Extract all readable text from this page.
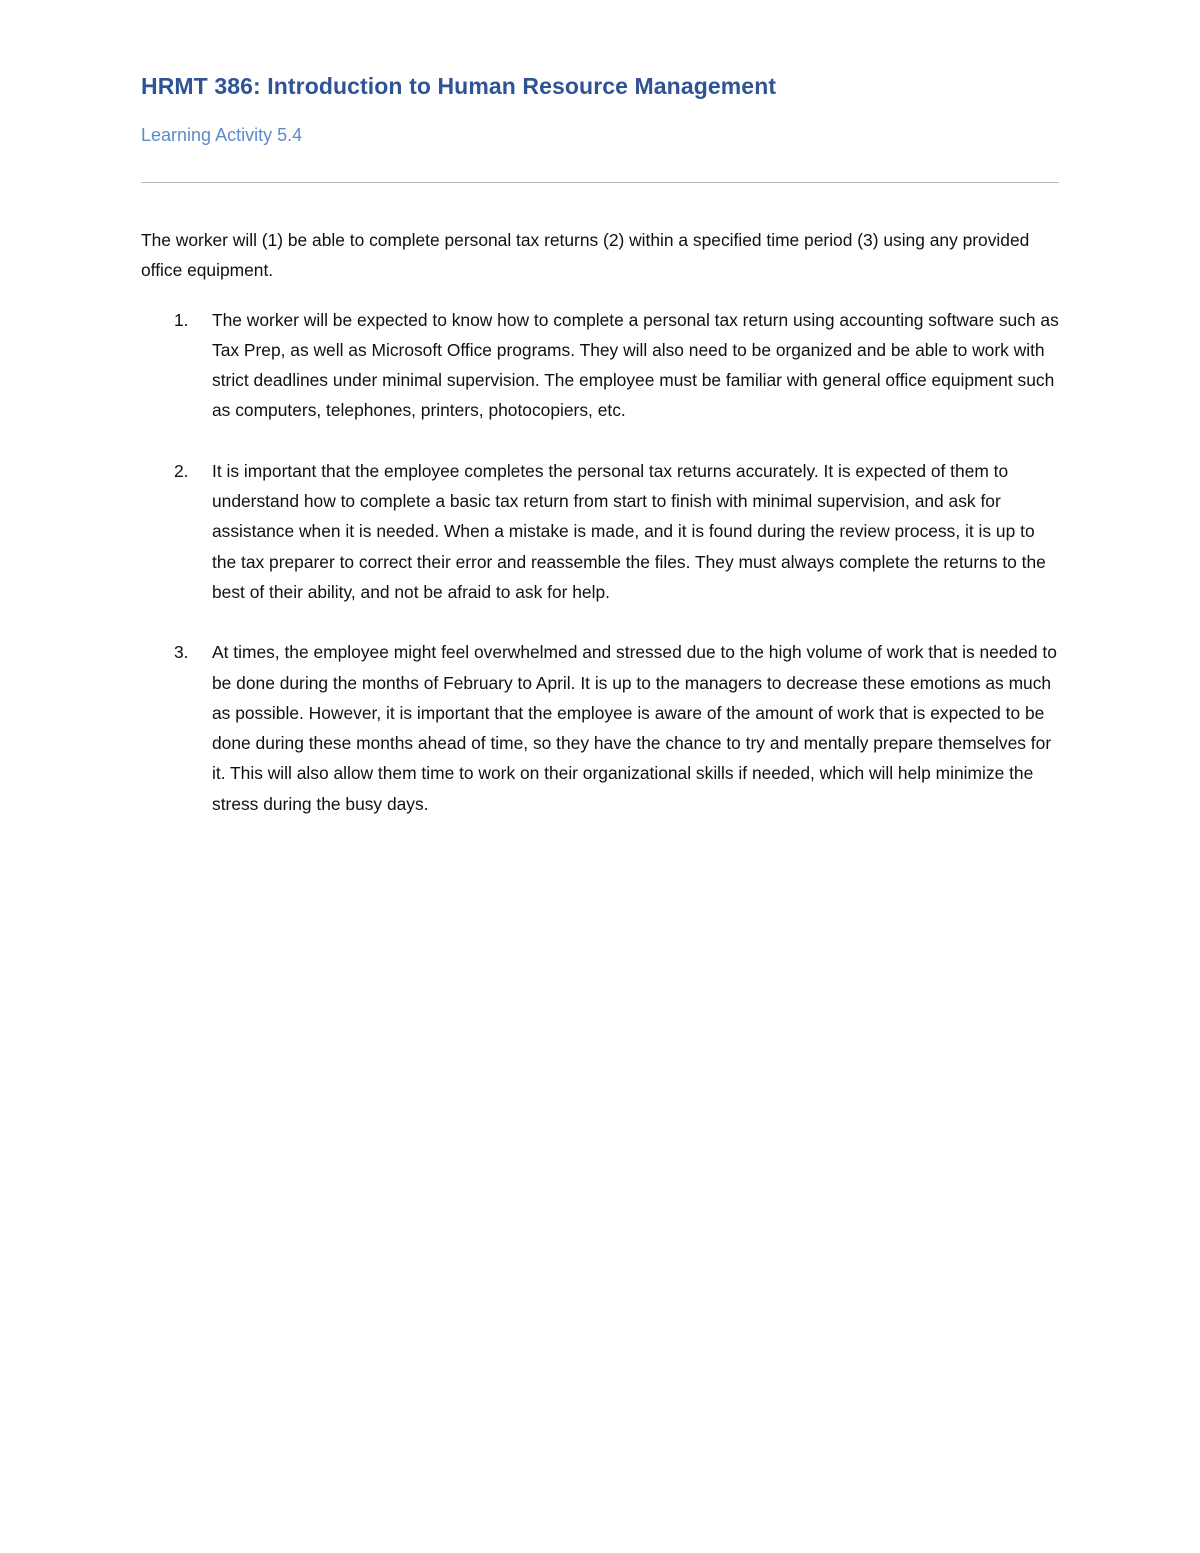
HRMT 386: Introduction to Human Resource Management
Learning Activity 5.4

The worker will (1) be able to complete personal tax returns (2) within a specified time period (3) using any provided office equipment.

1. The worker will be expected to know how to complete a personal tax return using accounting software such as Tax Prep, as well as Microsoft Office programs. They will also need to be organized and be able to work with strict deadlines under minimal supervision. The employee must be familiar with general office equipment such as computers, telephones, printers, photocopiers, etc.
2. It is important that the employee completes the personal tax returns accurately. It is expected of them to understand how to complete a basic tax return from start to finish with minimal supervision, and ask for assistance when it is needed. When a mistake is made, and it is found during the review process, it is up to the tax preparer to correct their error and reassemble the files. They must always complete the returns to the best of their ability, and not be afraid to ask for help.
3. At times, the employee might feel overwhelmed and stressed due to the high volume of work that is needed to be done during the months of February to April. It is up to the managers to decrease these emotions as much as possible. However, it is important that the employee is aware of the amount of work that is expected to be done during these months ahead of time, so they have the chance to try and mentally prepare themselves for it. This will also allow them time to work on their organizational skills if needed, which will help minimize the stress during the busy days.
